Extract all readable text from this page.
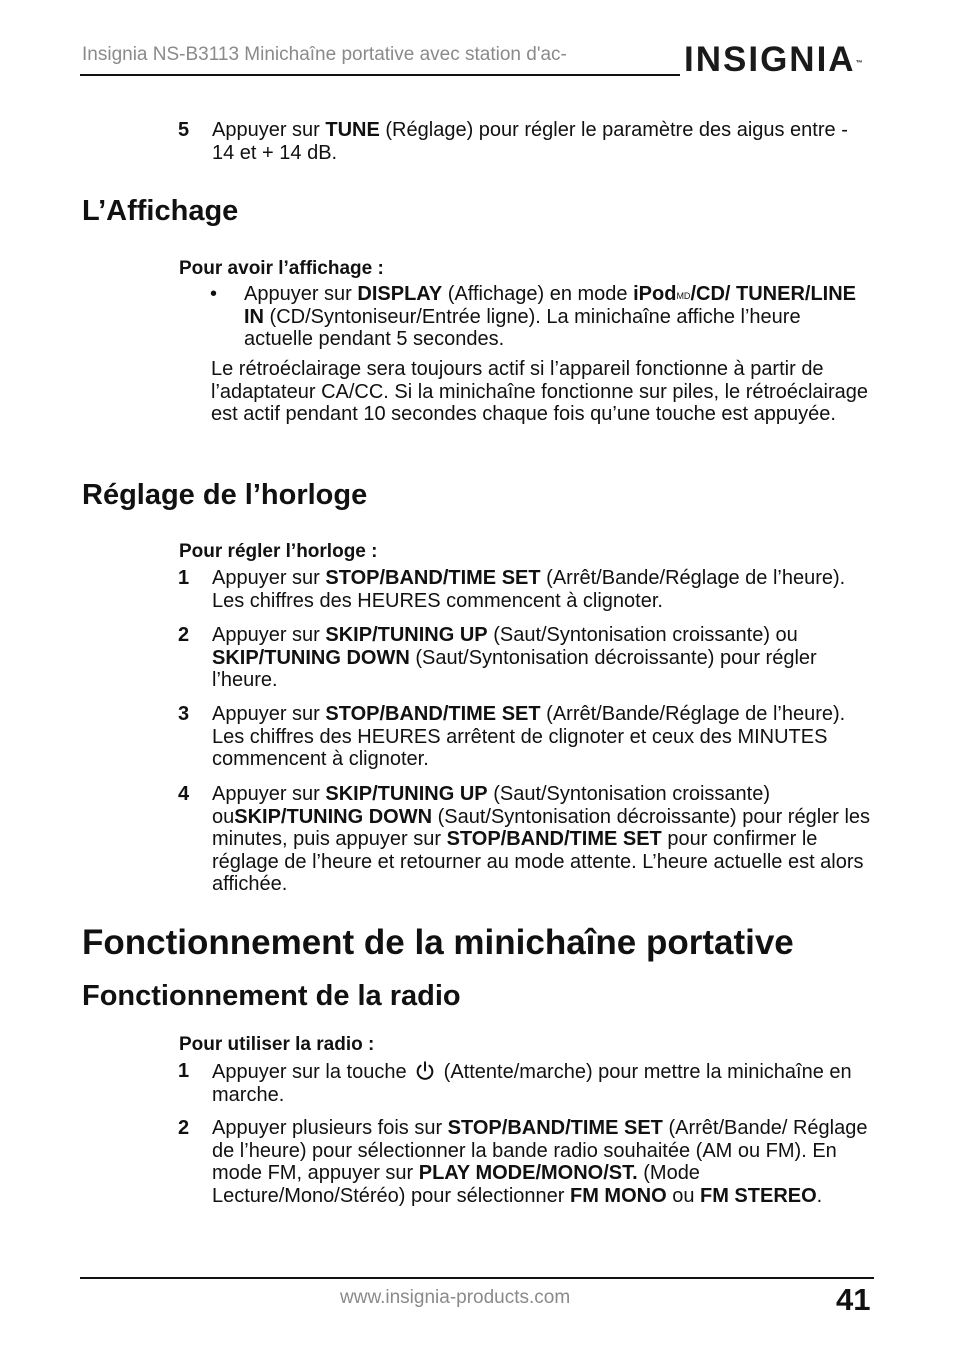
Insignia NS-B3113 Minichaîne portative avec station d'ac-	INSIGNIA™
5 Appuyer sur TUNE (Réglage) pour régler le paramètre des aigus entre - 14 et + 14 dB.
L’Affichage
Pour avoir l’affichage :
• Appuyer sur DISPLAY (Affichage) en mode iPod$^{MD}$/CD/ TUNER/LINE IN (CD/Syntoniseur/Entrée ligne). La minichaîne affiche l’heure actuelle pendant 5 secondes.
Le rétroéclairage sera toujours actif si l’appareil fonctionne à partir de l’adaptateur CA/CC. Si la minichaîne fonctionne sur piles, le rétroéclairage est actif pendant 10 secondes chaque fois qu’une touche est appuyée.
Réglage de l’horloge
Pour régler l’horloge :
1 Appuyer sur STOP/BAND/TIME SET (Arrêt/Bande/Réglage de l’heure). Les chiffres des HEURES commencent à clignoter.
2 Appuyer sur SKIP/TUNING UP (Saut/Syntonisation croissante) ou SKIP/TUNING DOWN (Saut/Syntonisation décroissante) pour régler l’heure.
3 Appuyer sur STOP/BAND/TIME SET (Arrêt/Bande/Réglage de l’heure). Les chiffres des HEURES arrêtent de clignoter et ceux des MINUTES commencent à clignoter.
4 Appuyer sur SKIP/TUNING UP (Saut/Syntonisation croissante) ouSKIP/TUNING DOWN (Saut/Syntonisation décroissante) pour régler les minutes, puis appuyer sur STOP/BAND/TIME SET pour confirmer le réglage de l’heure et retourner au mode attente. L’heure actuelle est alors affichée.
Fonctionnement de la minichaîne portative
Fonctionnement de la radio
Pour utiliser la radio :
1 Appuyer sur la touche  (Attente/marche) pour mettre la minichaîne en marche.
2 Appuyer plusieurs fois sur STOP/BAND/TIME SET (Arrêt/Bande/ Réglage de l’heure) pour sélectionner la bande radio souhaitée (AM ou FM). En mode FM, appuyer sur PLAY MODE/MONO/ST. (Mode Lecture/Mono/Stéréo) pour sélectionner FM MONO ou FM STEREO.
www.insignia-products.com	41
